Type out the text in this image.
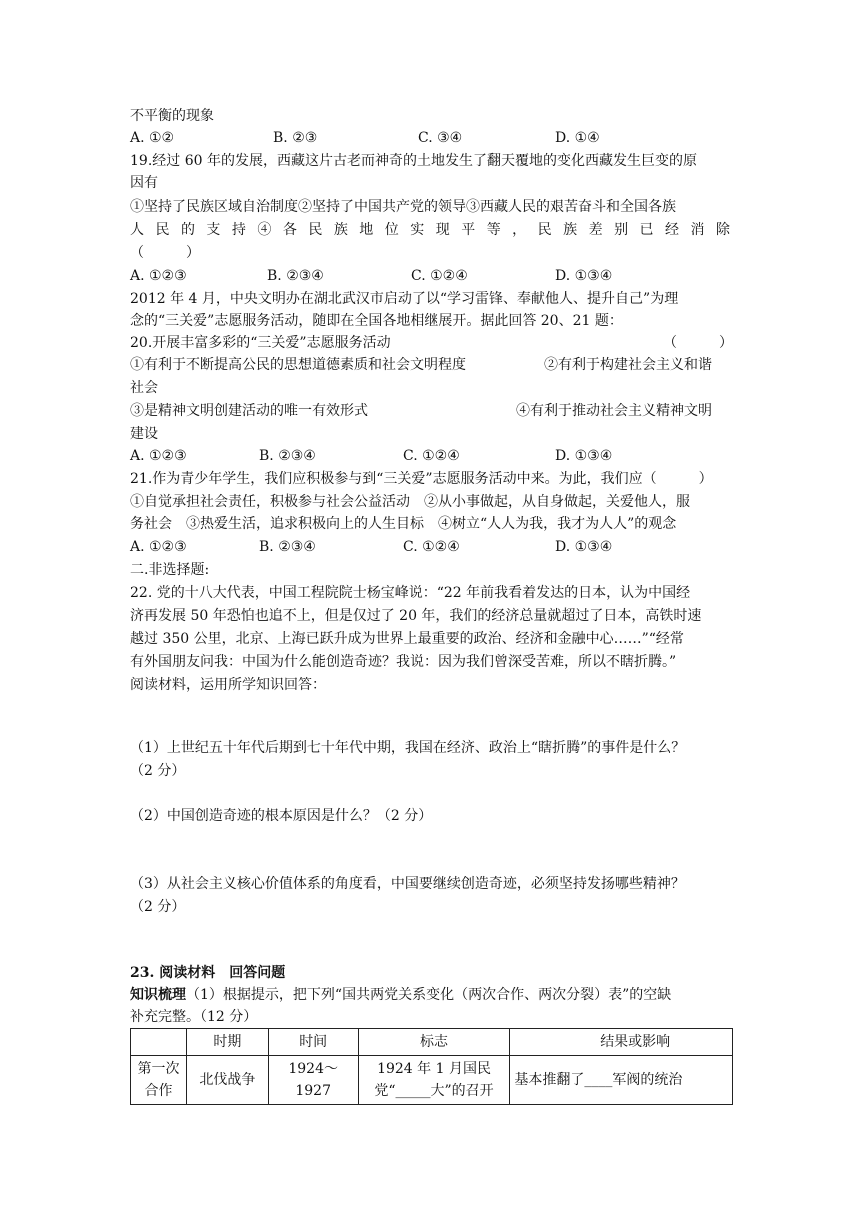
不平衡的现象
A. ①②	B. ②③	C. ③④	D. ①④
19.经过 60 年的发展，西藏这片古老而神奇的土地发生了翻天覆地的变化西藏发生巨变的原
因有
①坚持了民族区域自治制度②坚持了中国共产党的领导③西藏人民的艰苦奋斗和全国各族
人 民 的 支 持 ④ 各 民 族 地 位 实 现 平 等 ， 民 族 差 别 已 经 消 除
（　　　）
A. ①②③	B. ②③④	C. ①②④	D. ①③④
2012 年 4 月，中央文明办在湖北武汉市启动了以“学习雷锋、奉献他人、提升自己”为理
念的“三关爱”志愿服务活动，随即在全国各地相继展开。据此回答 20、21 题：
20.开展丰富多彩的“三关爱”志愿服务活动	（　　　）
①有利于不断提高公民的思想道德素质和社会文明程度	②有利于构建社会主义和谐
社会
③是精神文明创建活动的唯一有效形式	④有利于推动社会主义精神文明
建设
A. ①②③	B. ②③④	C. ①②④	D. ①③④
21.作为青少年学生，我们应积极参与到“三关爱”志愿服务活动中来。为此，我们应（　　　）
①自觉承担社会责任，积极参与社会公益活动　②从小事做起，从自身做起，关爱他人，服
务社会　③热爱生活，追求积极向上的人生目标　④树立“人人为我，我才为人人”的观念
A. ①②③	B. ②③④	C. ①②④	D. ①③④
二.非选择题:
22. 党的十八大代表，中国工程院院士杨宝峰说：“22 年前我看着发达的日本，认为中国经
济再发展 50 年恐怕也追不上，但是仅过了 20 年，我们的经济总量就超过了日本，高铁时速
越过 350 公里，北京、上海已跃升成为世界上最重要的政治、经济和金融中心……”“经常
有外国朋友问我：中国为什么能创造奇迹？我说：因为我们曾深受苦难，所以不瞎折腾。”
阅读材料，运用所学知识回答：
（1）上世纪五十年代后期到七十年代中期，我国在经济、政治上“瞎折腾”的事件是什么？
（2 分）
（2）中国创造奇迹的根本原因是什么？（2 分）
（3）从社会主义核心价值体系的角度看，中国要继续创造奇迹，必须坚持发扬哪些精神？
（2 分）
23. 阅读材料　回答问题
知识梳理（1）根据提示，把下列“国共两党关系变化（两次合作、两次分裂）表”的空缺
补充完整。（12 分）
	时期	时间	标志	结果或影响
第一次合作	北伐战争	1924～1927	1924 年 1 月国民党“_____大”的召开	基本推翻了____军阀的统治
